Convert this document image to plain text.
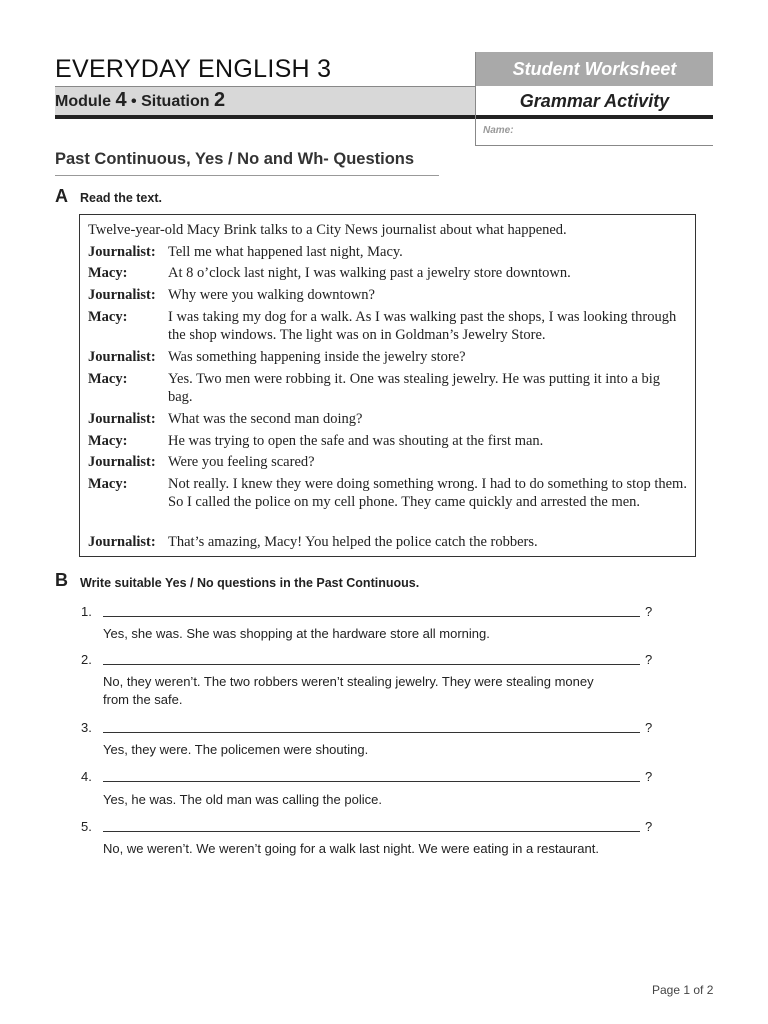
EVERYDAY ENGLISH 3
Module 4 • Situation 2
Student Worksheet
Grammar Activity
Name:
Past Continuous, Yes / No and Wh- Questions
A Read the text.
Twelve-year-old Macy Brink talks to a City News journalist about what happened.
Journalist: Tell me what happened last night, Macy.
Macy:	At 8 o’clock last night, I was walking past a jewelry store downtown.
Journalist: Why were you walking downtown?
Macy:	I was taking my dog for a walk. As I was walking past the shops, I was looking through the shop windows. The light was on in Goldman’s Jewelry Store.
Journalist: Was something happening inside the jewelry store?
Macy:	Yes. Two men were robbing it. One was stealing jewelry. He was putting it into a big bag.
Journalist: What was the second man doing?
Macy:	He was trying to open the safe and was shouting at the first man.
Journalist: Were you feeling scared?
Macy:	Not really. I knew they were doing something wrong. I had to do something to stop them. So I called the police on my cell phone. They came quickly and arrested the men.
Journalist: That’s amazing, Macy! You helped the police catch the robbers.
B Write suitable Yes / No questions in the Past Continuous.
1.	?
Yes, she was. She was shopping at the hardware store all morning.
2.	?
No, they weren’t. The two robbers weren’t stealing jewelry. They were stealing money from the safe.
3.	?
Yes, they were. The policemen were shouting.
4.	?
Yes, he was. The old man was calling the police.
5.	?
No, we weren’t. We weren’t going for a walk last night. We were eating in a restaurant.
Page 1 of 2
